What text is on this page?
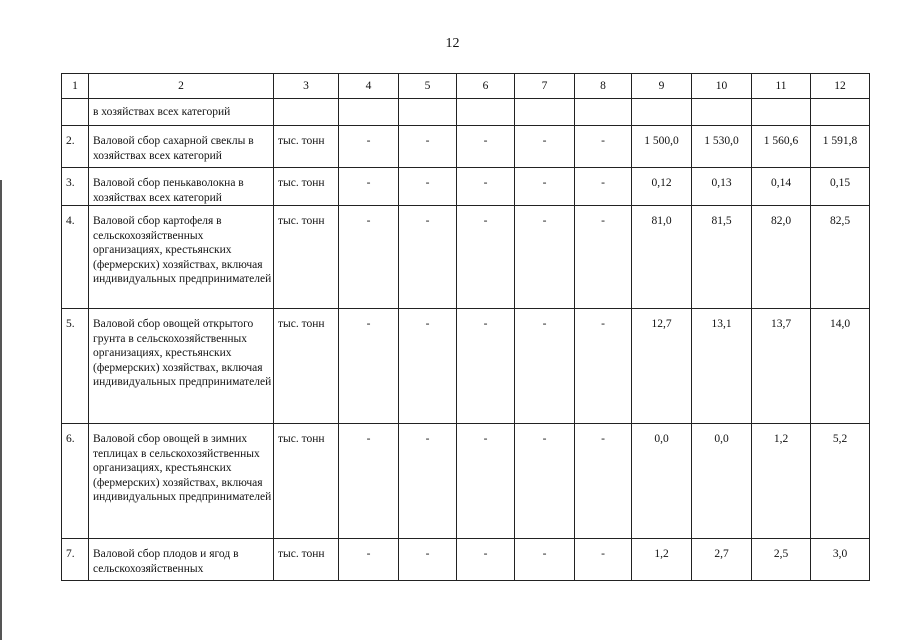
12
1	2	3	4	5	6	7	8	9	10	11	12
	в хозяйствах всех категорий										
2.	Валовой сбор сахарной свеклы в хозяйствах всех категорий	тыс. тонн	-	-	-	-	-	1 500,0	1 530,0	1 560,6	1 591,8
3.	Валовой сбор пенькаволокна в хозяйствах всех категорий	тыс. тонн	-	-	-	-	-	0,12	0,13	0,14	0,15
4.	Валовой сбор картофеля в сельскохозяйственных организациях, крестьянских (фермерских) хозяйствах, включая индивидуальных предпринимателей	тыс. тонн	-	-	-	-	-	81,0	81,5	82,0	82,5
5.	Валовой сбор овощей открытого грунта в сельскохозяйственных организациях, крестьянских (фермерских) хозяйствах, включая индивидуальных предпринимателей	тыс. тонн	-	-	-	-	-	12,7	13,1	13,7	14,0
6.	Валовой сбор овощей в зимних теплицах в сельскохозяйственных организациях, крестьянских (фермерских) хозяйствах, включая индивидуальных предпринимателей	тыс. тонн	-	-	-	-	-	0,0	0,0	1,2	5,2
7.	Валовой сбор плодов и ягод в сельскохозяйственных	тыс. тонн	-	-	-	-	-	1,2	2,7	2,5	3,0
